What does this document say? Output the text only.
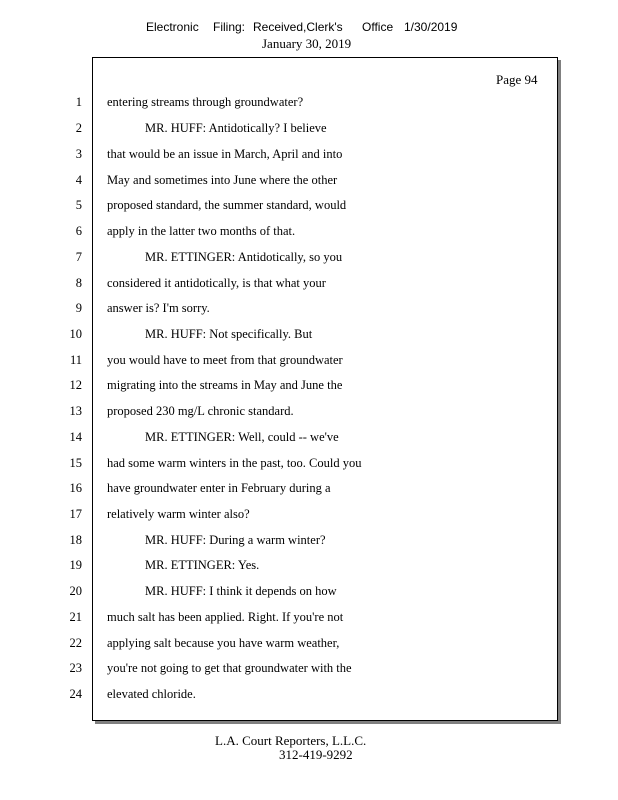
Electronic Filing: Received,Clerk's Office 1/30/2019
January 30, 2019
Page 94
1 entering streams through groundwater?
2	MR. HUFF: Antidotically? I believe
3 that would be an issue in March, April and into
4 May and sometimes into June where the other
5 proposed standard, the summer standard, would
6 apply in the latter two months of that.
7	MR. ETTINGER: Antidotically, so you
8 considered it antidotically, is that what your
9 answer is? I'm sorry.
10	MR. HUFF: Not specifically. But
11 you would have to meet from that groundwater
12 migrating into the streams in May and June the
13 proposed 230 mg/L chronic standard.
14	MR. ETTINGER: Well, could -- we've
15 had some warm winters in the past, too. Could you
16 have groundwater enter in February during a
17 relatively warm winter also?
18	MR. HUFF: During a warm winter?
19	MR. ETTINGER: Yes.
20	MR. HUFF: I think it depends on how
21 much salt has been applied. Right. If you're not
22 applying salt because you have warm weather,
23 you're not going to get that groundwater with the
24 elevated chloride.
L.A. Court Reporters, L.L.C.
312-419-9292
